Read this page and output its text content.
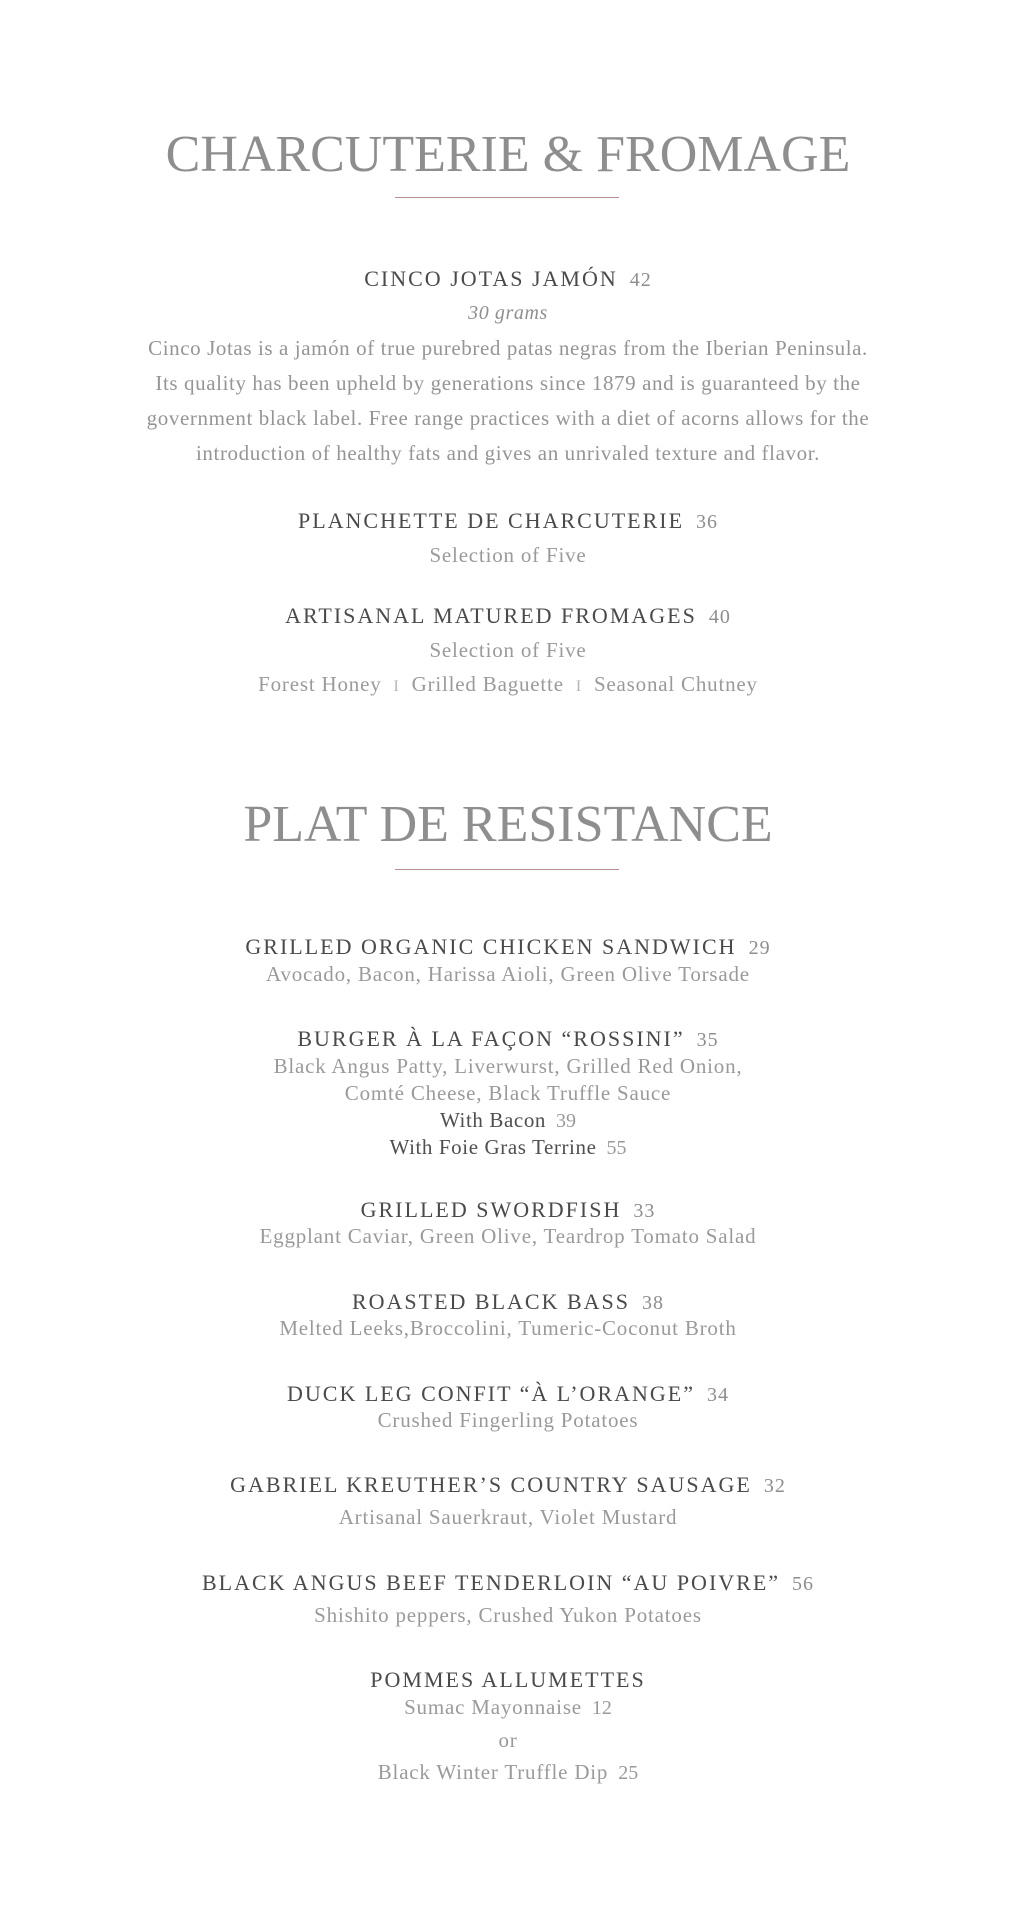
CHARCUTERIE & FROMAGE
CINCO JOTAS JAMÓN 42
30 grams
Cinco Jotas is a jamón of true purebred patas negras from the Iberian Peninsula.
Its quality has been upheld by generations since 1879 and is guaranteed by the
government black label. Free range practices with a diet of acorns allows for the
introduction of healthy fats and gives an unrivaled texture and flavor.
PLANCHETTE DE CHARCUTERIE 36
Selection of Five
ARTISANAL MATURED FROMAGES 40
Selection of Five
Forest Honey I Grilled Baguette I Seasonal Chutney
PLAT DE RESISTANCE
GRILLED ORGANIC CHICKEN SANDWICH 29
Avocado, Bacon, Harissa Aioli, Green Olive Torsade
BURGER À LA FAÇON “ROSSINI” 35
Black Angus Patty, Liverwurst, Grilled Red Onion,
Comté Cheese, Black Truffle Sauce
With Bacon 39
With Foie Gras Terrine 55
GRILLED SWORDFISH 33
Eggplant Caviar, Green Olive, Teardrop Tomato Salad
ROASTED BLACK BASS 38
Melted Leeks,Broccolini, Tumeric-Coconut Broth
DUCK LEG CONFIT “À L’ORANGE” 34
Crushed Fingerling Potatoes
GABRIEL KREUTHER’S COUNTRY SAUSAGE 32
Artisanal Sauerkraut, Violet Mustard
BLACK ANGUS BEEF TENDERLOIN “AU POIVRE” 56
Shishito peppers, Crushed Yukon Potatoes
POMMES ALLUMETTES
Sumac Mayonnaise 12
or
Black Winter Truffle Dip 25
